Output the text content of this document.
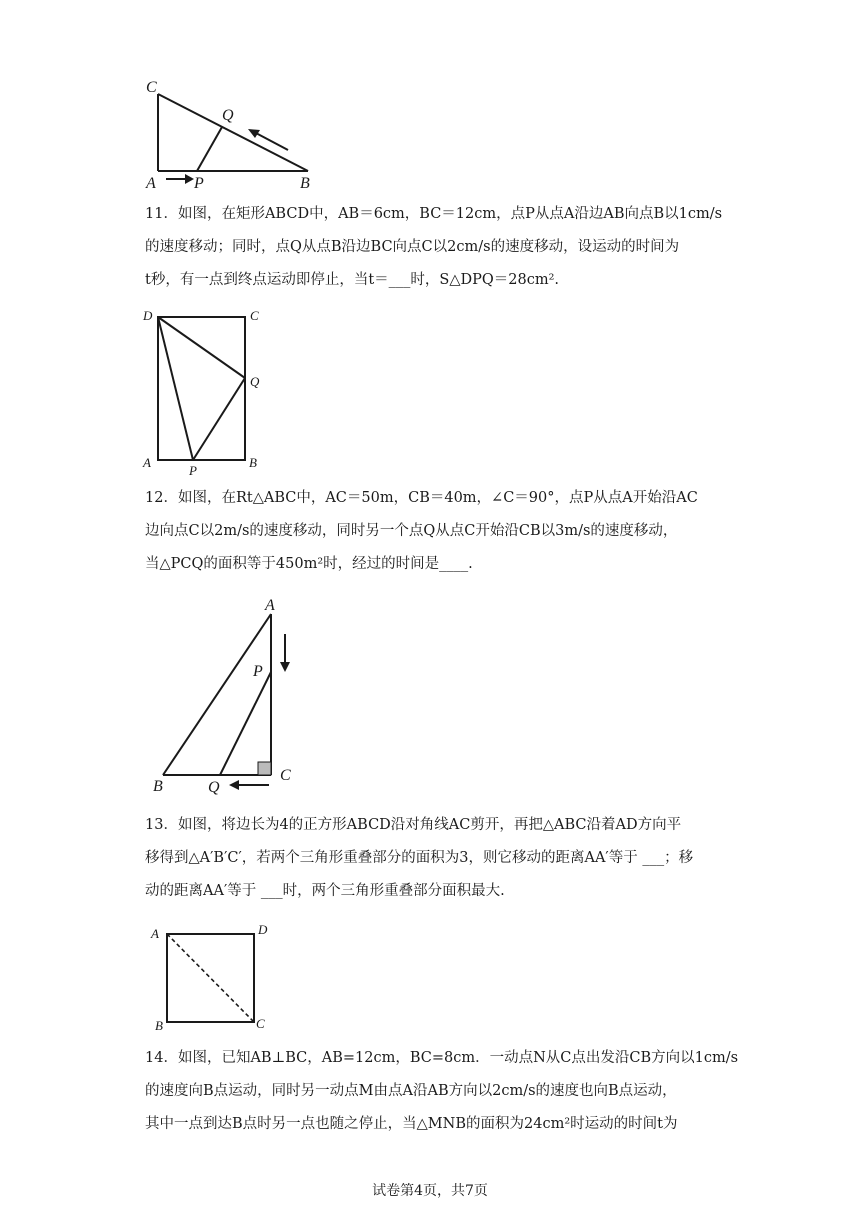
C
Q
A P	B
11．如图，在矩形ABCD中，AB＝6cm，BC＝12cm，点P从点A沿边AB向点B以1cm/s
的速度移动；同时，点Q从点B沿边BC向点C以2cm/s的速度移动，设运动的时间为
t秒，有一点到终点运动即停止，当t＝___时，S△DPQ＝28cm².
D	C
Q
A
P
B
12．如图，在Rt△ABC中，AC＝50m，CB＝40m，∠C＝90°，点P从点A开始沿AC
边向点C以2m/s的速度移动，同时另一个点Q从点C开始沿CB以3m/s的速度移动，
当△PCQ的面积等于450m²时，经过的时间是____.
A
P
B	Q
C
13．如图，将边长为4的正方形ABCD沿对角线AC剪开，再把△ABC沿着AD方向平
移得到△A′B′C′，若两个三角形重叠部分的面积为3，则它移动的距离AA′等于 ___；移
动的距离AA′等于 ___时，两个三角形重叠部分面积最大.
A	D
B	C
14．如图，已知AB⊥BC，AB=12cm，BC=8cm．一动点N从C点出发沿CB方向以1cm/s
的速度向B点运动，同时另一动点M由点A沿AB方向以2cm/s的速度也向B点运动，
其中一点到达B点时另一点也随之停止，当△MNB的面积为24cm²时运动的时间t为
试卷第4页，共7页
